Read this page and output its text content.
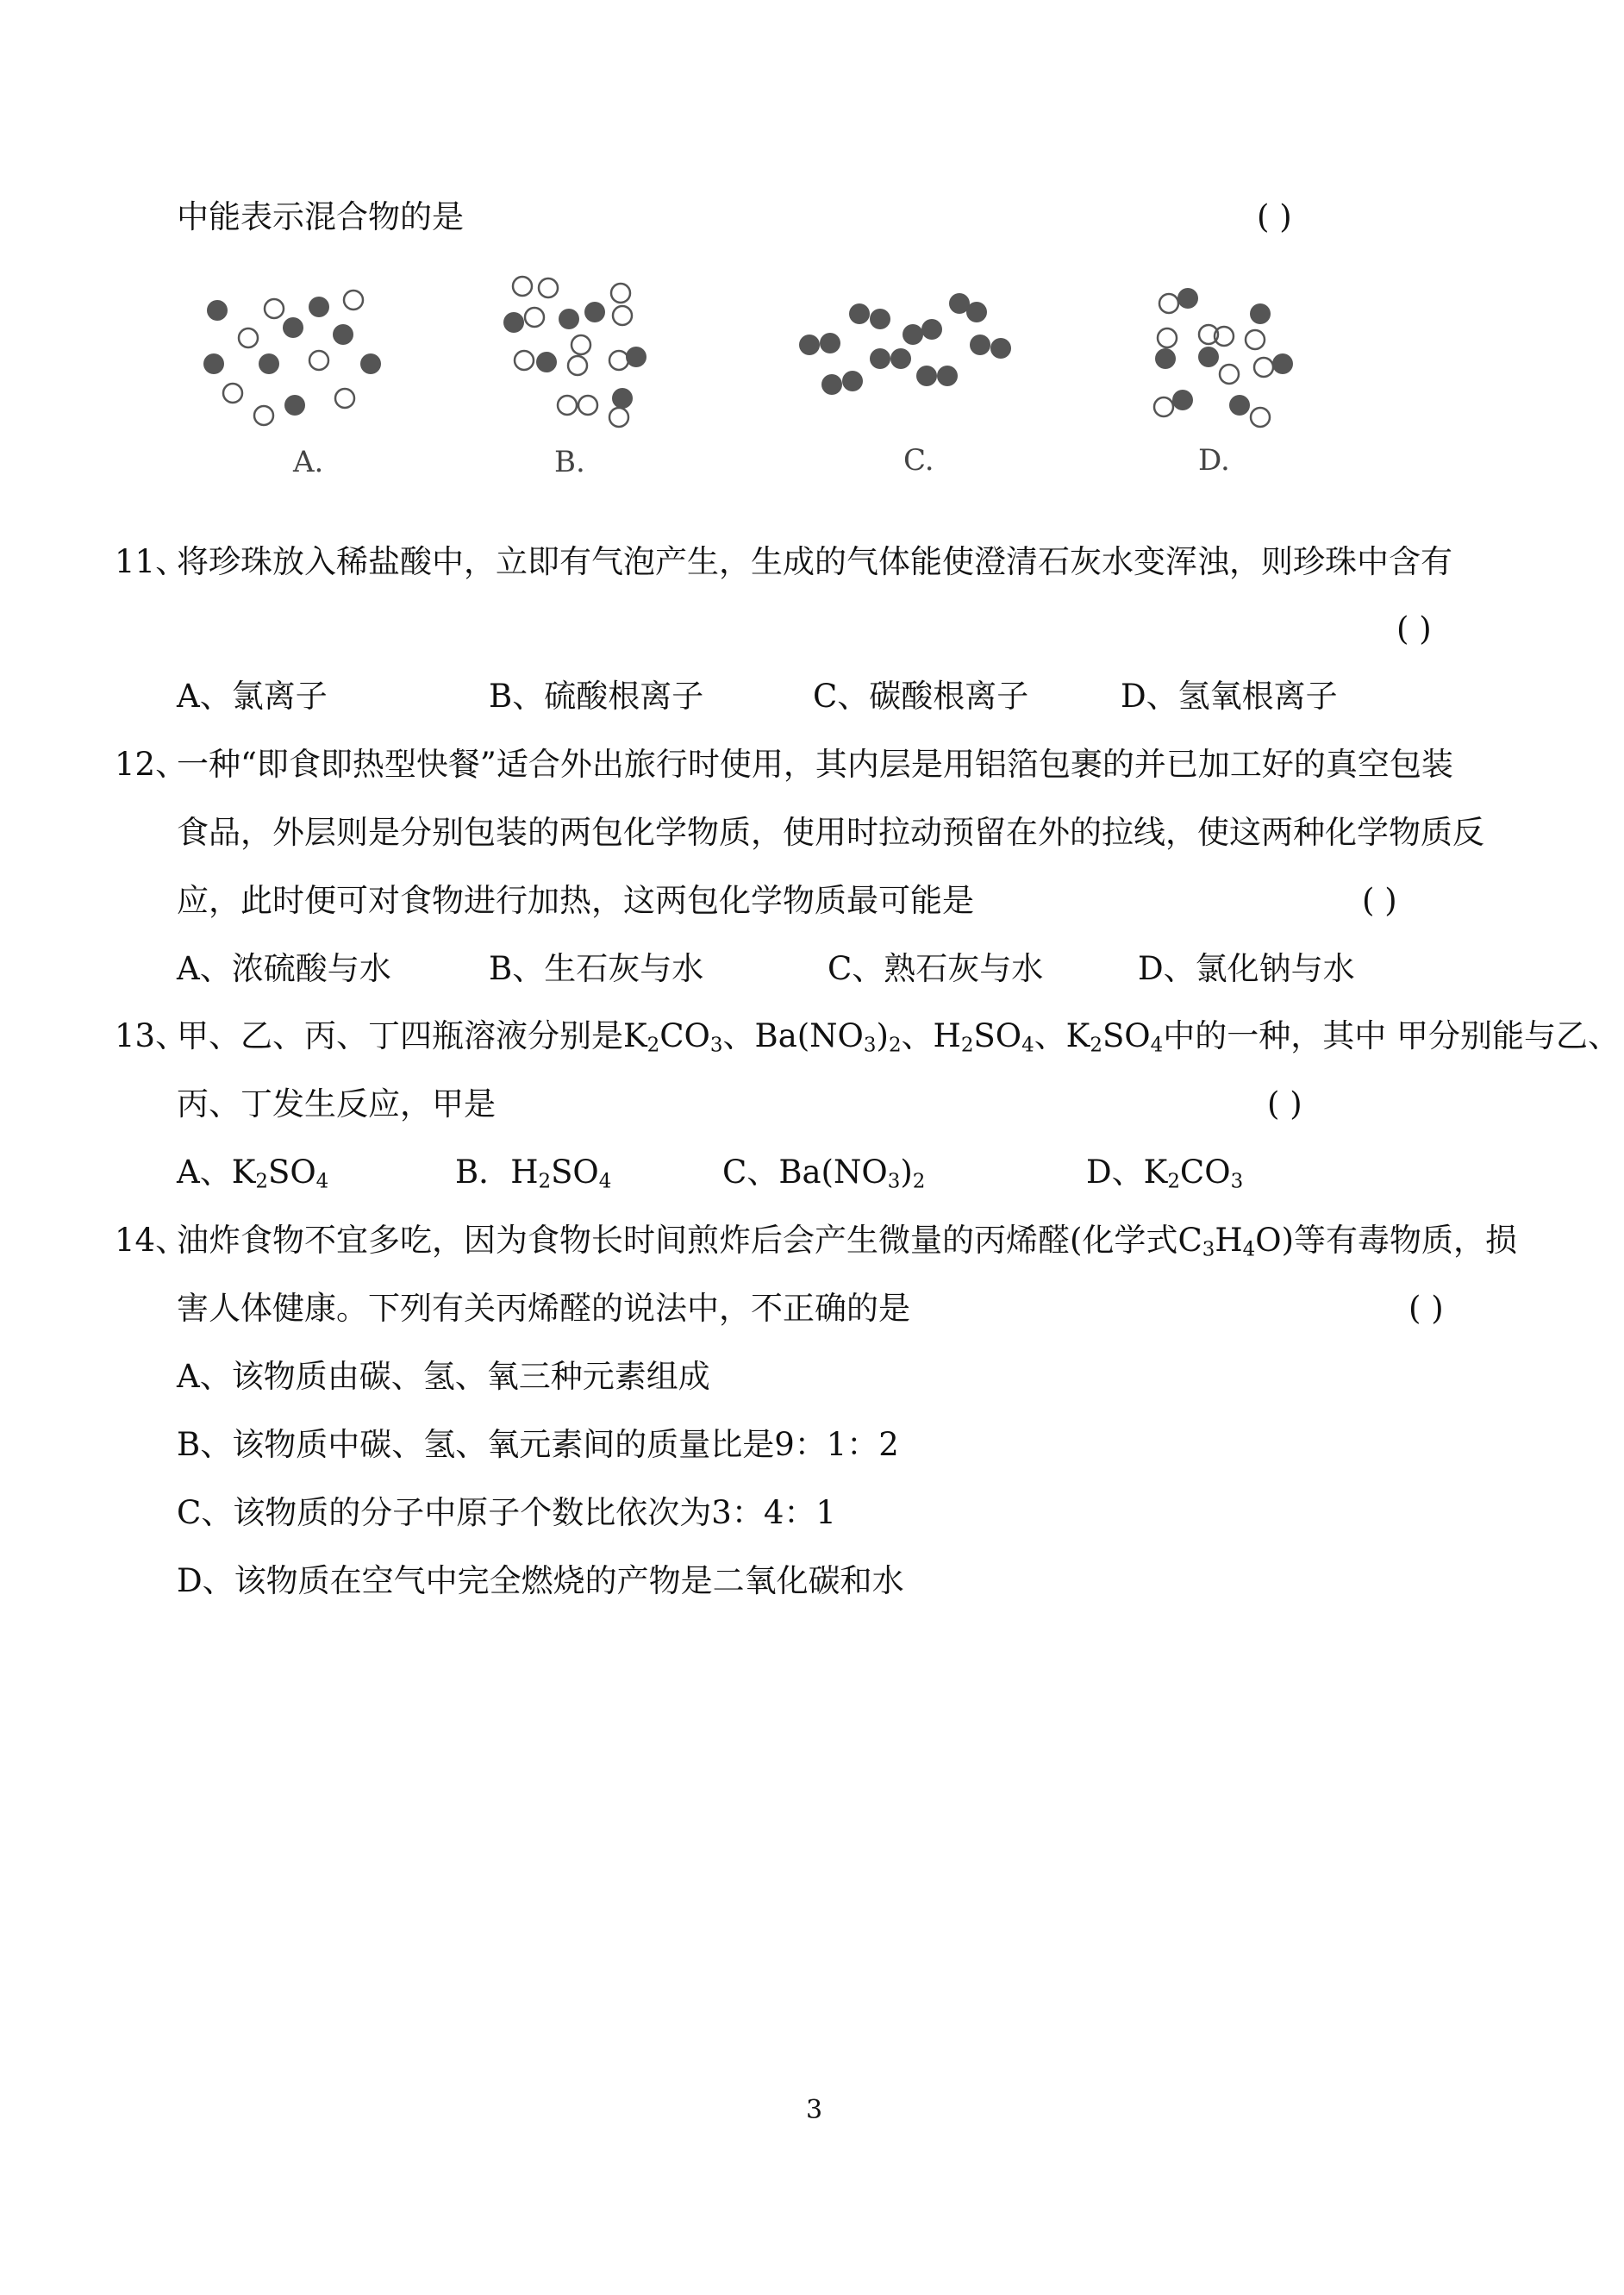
中能表示混合物的是	( )
A.	B.	C.	D.
11、
将珍珠放入稀盐酸中，立即有气泡产生，生成的气体能使澄清石灰水变浑浊，则珍珠中含有
( )
A、氯离子	B、硫酸根离子	C、碳酸根离子	D、氢氧根离子
12、
一种“即食即热型快餐”适合外出旅行时使用，其内层是用铝箔包裹的并已加工好的真空包装
食品，外层则是分别包装的两包化学物质，使用时拉动预留在外的拉线，使这两种化学物质反
应，此时便可对食物进行加热，这两包化学物质最可能是	( )
A、浓硫酸与水	B、生石灰与水	C、熟石灰与水	D、氯化钠与水
13、
甲、乙、丙、丁四瓶溶液分别是$K_2CO_3$、$Ba(NO_3)_2$、$H_2SO_4$、$K_2SO_4$中的一种，其中 甲分别能与乙、
丙、丁发生反应，甲是	( )
A、$K_2SO_4$	B．$H_2SO_4$	C、$Ba(NO_3)_2$	D、$K_2CO_3$
14、
油炸食物不宜多吃，因为食物长时间煎炸后会产生微量的丙烯醛(化学式$C_3H_4O$)等有毒物质，损
害人体健康。下列有关丙烯醛的说法中，不正确的是	( )
A、该物质由碳、氢、氧三种元素组成
B、该物质中碳、氢、氧元素间的质量比是9：1：2
C、该物质的分子中原子个数比依次为3：4：1
D、该物质在空气中完全燃烧的产物是二氧化碳和水
3
